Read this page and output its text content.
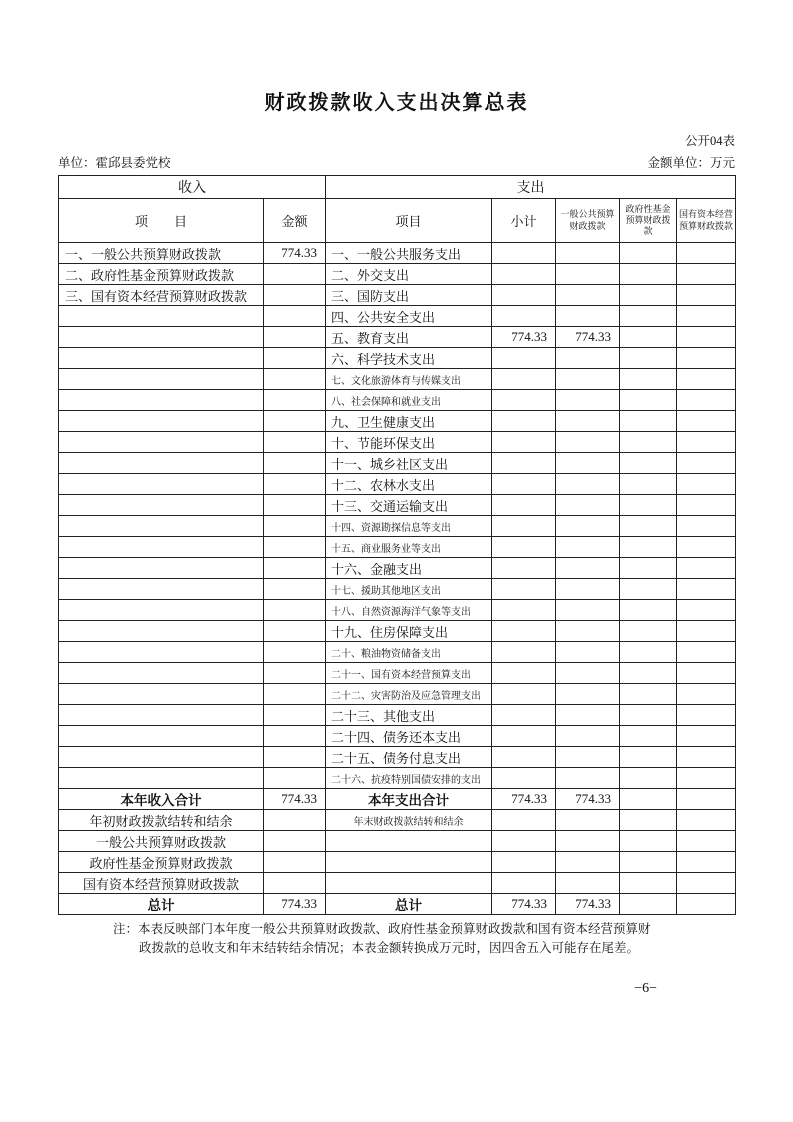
财政拨款收入支出决算总表
公开04表
单位：霍邱县委党校	金额单位：万元
收入		支出				
项　　目	金额	项目	小计	一般公共预算财政拨款	政府性基金预算财政拨款	国有资本经营预算财政拨款
一、一般公共预算财政拨款	774.33	一、一般公共服务支出				
二、政府性基金预算财政拨款		二、外交支出				
三、国有资本经营预算财政拨款		三、国防支出				
		四、公共安全支出				
		五、教育支出	774.33	774.33		
		六、科学技术支出				
		七、文化旅游体育与传媒支出				
		八、社会保障和就业支出				
		九、卫生健康支出				
		十、节能环保支出				
		十一、城乡社区支出				
		十二、农林水支出				
		十三、交通运输支出				
		十四、资源勘探信息等支出				
		十五、商业服务业等支出				
		十六、金融支出				
		十七、援助其他地区支出				
		十八、自然资源海洋气象等支出				
		十九、住房保障支出				
		二十、粮油物资储备支出				
		二十一、国有资本经营预算支出				
		二十二、灾害防治及应急管理支出				
		二十三、其他支出				
		二十四、债务还本支出				
		二十五、债务付息支出				
		二十六、抗疫特别国债安排的支出				
本年收入合计	774.33	本年支出合计	774.33	774.33		
年初财政拨款结转和结余		年末财政拨款结转和结余				
一般公共预算财政拨款						
政府性基金预算财政拨款						
国有资本经营预算财政拨款						
总计	774.33	总计	774.33	774.33		
注：本表反映部门本年度一般公共预算财政拨款、政府性基金预算财政拨款和国有资本经营预算财
政拨款的总收支和年末结转结余情况；本表金额转换成万元时，因四舍五入可能存在尾差。
−6−
